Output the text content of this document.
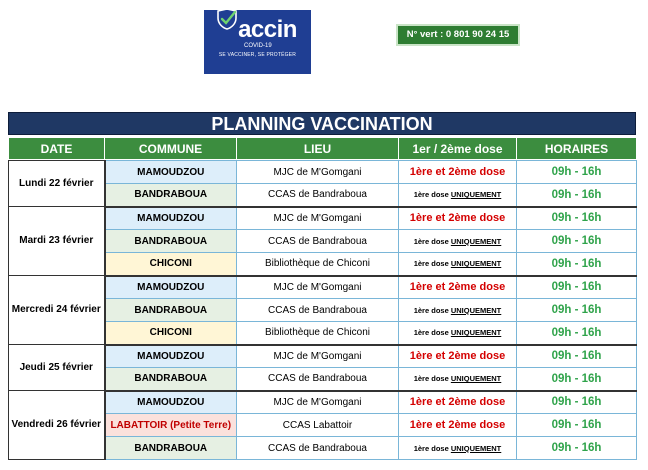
accin
COVID-19
SE VACCINER, SE PROTÉGER
N° vert : 0 801 90 24 15
PLANNING VACCINATION
DATE	COMMUNE	LIEU	1er / 2ème dose	HORAIRES

Lundi 22 février	MAMOUDZOU	MJC de M'Gomgani	1ère et 2ème dose	09h - 16h
	BANDRABOUA	CCAS de Bandraboua	1ère dose UNIQUEMENT	09h - 16h
Mardi 23 février	MAMOUDZOU	MJC de M'Gomgani	1ère et 2ème dose	09h - 16h
	BANDRABOUA	CCAS de Bandraboua	1ère dose UNIQUEMENT	09h - 16h
	CHICONI	Bibliothèque de Chiconi	1ère dose UNIQUEMENT	09h - 16h
Mercredi 24 février	MAMOUDZOU	MJC de M'Gomgani	1ère et 2ème dose	09h - 16h
	BANDRABOUA	CCAS de Bandraboua	1ère dose UNIQUEMENT	09h - 16h
	CHICONI	Bibliothèque de Chiconi	1ère dose UNIQUEMENT	09h - 16h
Jeudi 25 février	MAMOUDZOU	MJC de M'Gomgani	1ère et 2ème dose	09h - 16h
	BANDRABOUA	CCAS de Bandraboua	1ère dose UNIQUEMENT	09h - 16h
Vendredi 26 février	MAMOUDZOU	MJC de M'Gomgani	1ère et 2ème dose	09h - 16h
	LABATTOIR (Petite Terre)	CCAS Labattoir	1ère et 2ème dose	09h - 16h
	BANDRABOUA	CCAS de Bandraboua	1ère dose UNIQUEMENT	09h - 16h
